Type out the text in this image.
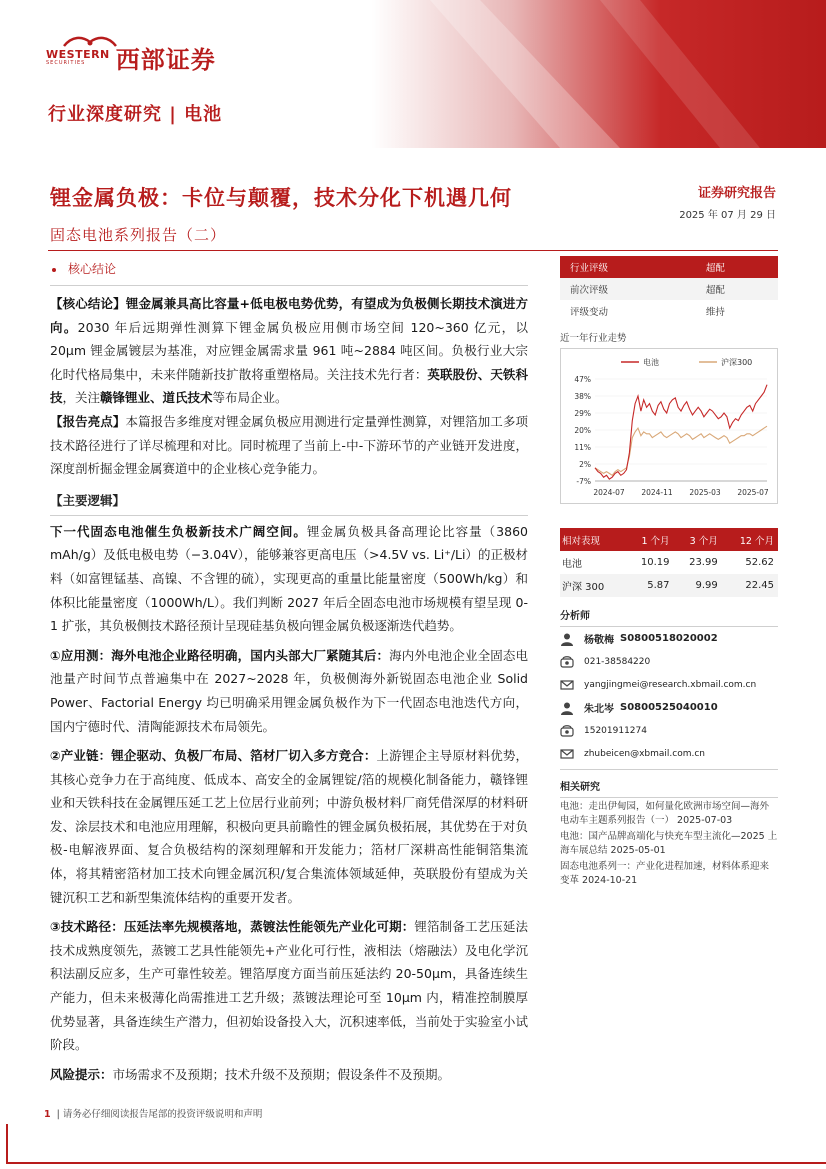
WESTERN
SECURITIES	西部证券
行业深度研究 | 电池
锂金属负极：卡位与颠覆，技术分化下机遇几何
固态电池系列报告（二）
证券研究报告
2025 年 07 月 29 日
核心结论

【核心结论】锂金属兼具高比容量+低电极电势优势，有望成为负极侧长期技术演进方向。2030 年后远期弹性测算下锂金属负极应用侧市场空间 120~360 亿元，以 20μm 锂金属镀层为基准，对应锂金属需求量 961 吨~2884 吨区间。负极行业大宗化时代格局集中，未来伴随新技扩散将重塑格局。关注技术先行者：英联股份、天铁科技，关注赣锋锂业、道氏技术等布局企业。

【报告亮点】本篇报告多维度对锂金属负极应用测进行定量弹性测算，对锂箔加工多项技术路径进行了详尽梳理和对比。同时梳理了当前上-中-下游环节的产业链开发进度，深度剖析掘金锂金属赛道中的企业核心竞争能力。

【主要逻辑】

下一代固态电池催生负极新技术广阔空间。锂金属负极具备高理论比容量（3860 mAh/g）及低电极电势（−3.04V），能够兼容更高电压（>4.5V vs. Li⁺/Li）的正极材料（如富锂锰基、高镍、不含锂的硫），实现更高的重量比能量密度（500Wh/kg）和体积比能量密度（1000Wh/L）。我们判断 2027 年后全固态电池市场规模有望呈现 0-1 扩张，其负极侧技术路径预计呈现硅基负极向锂金属负极逐渐迭代趋势。

①应用测：海外电池企业路径明确，国内头部大厂紧随其后：海内外电池企业全固态电池量产时间节点普遍集中在 2027~2028 年，负极侧海外新锐固态电池企业 Solid Power、Factorial Energy 均已明确采用锂金属负极作为下一代固态电池迭代方向，国内宁德时代、清陶能源技术布局领先。

②产业链：锂企驱动、负极厂布局、箔材厂切入多方竞合：上游锂企主导原材料优势，其核心竞争力在于高纯度、低成本、高安全的金属锂锭/箔的规模化制备能力，赣锋锂业和天铁科技在金属锂压延工艺上位居行业前列；中游负极材料厂商凭借深厚的材料研发、涂层技术和电池应用理解，积极向更具前瞻性的锂金属负极拓展，其优势在于对负极-电解液界面、复合负极结构的深刻理解和开发能力；箔材厂深耕高性能铜箔集流体，将其精密箔材加工技术向锂金属沉积/复合集流体领域延伸，英联股份有望成为关键沉积工艺和新型集流体结构的重要开发者。

③技术路径：压延法率先规模落地，蒸镀法性能领先产业化可期：锂箔制备工艺压延法技术成熟度领先，蒸镀工艺具性能领先+产业化可行性，液相法（熔融法）及电化学沉积法副反应多，生产可靠性较差。锂箔厚度方面当前压延法约 20-50μm，具备连续生产能力，但未来极薄化尚需推进工艺升级；蒸镀法理论可至 10μm 内，精准控制膜厚优势显著，具备连续生产潜力，但初始设备投入大，沉积速率低，当前处于实验室小试阶段。

风险提示：市场需求不及预期；技术升级不及预期；假设条件不及预期。

行业评级	超配
前次评级	超配
评级变动	维持
近一年行业走势
电池	沪深300
47%
38%
29%
20%
11%
2%
-7%
2024-07 2024-11 2025-03 2025-07
相对表现	1 个月	3 个月	12 个月
电池	10.19	23.99	52.62
沪深 300	5.87	9.99	22.45
分析师
杨敬梅 S0800518020002
021-38584220
yangjingmei@research.xbmail.com.cn
朱北岑 S0800525040010
15201911274
zhubeicen@xbmail.com.cn
相关研究
电池：走出伊甸园，如何量化欧洲市场空间—海外电动车主题系列报告（一） 2025-07-03
电池：国产品牌高端化与快充车型主流化—2025 上海车展总结 2025-05-01
固态电池系列一：产业化进程加速，材料体系迎来变革 2024-10-21
1 | 请务必仔细阅读报告尾部的投资评级说明和声明
